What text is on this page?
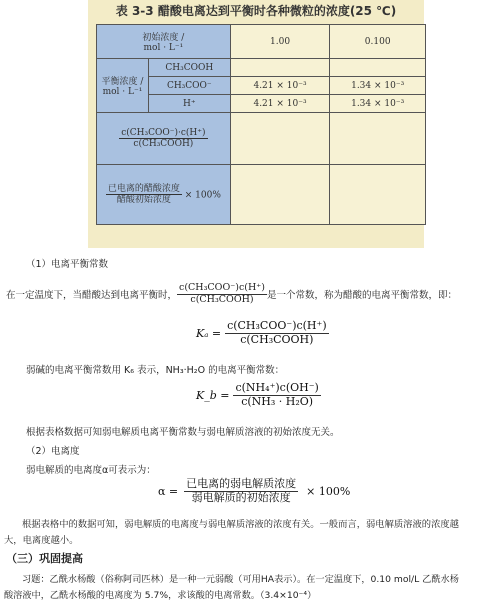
表 3-3 醋酸电离达到平衡时各种微粒的浓度(25 ℃)
初始浓度 /
mol · L⁻¹		1.00	0.100

平衡浓度 /
mol · L⁻¹	CH₃COOH		
	CH₃COO⁻	4.21 × 10⁻³	1.34 × 10⁻³
	H⁺	4.21 × 10⁻³	1.34 × 10⁻³

$\frac{\text{c(CH₃COO⁻)·c(H⁺)}}{\text{c(CH₃COOH)}}$

$\frac{\text{已电离的醋酸浓度}}{\text{醋酸初始浓度}} \times 100\%$			
（1）电离平衡常数
在一定温度下，当醋酸达到电离平衡时， $\frac{\text{c(CH₃COO⁻)c(H⁺)}}{\text{c(CH₃COOH)}}$ 是一个常数，称为醋酸的电离平衡常数，即：
$K_a = \frac{\text{c(CH₃COO⁻)c(H⁺)}}{\text{c(CH₃COOH)}}$
弱碱的电离平衡常数用 K₆ 表示，NH₃·H₂O 的电离平衡常数：
K_b = $\frac{\text{c(NH₄⁺)c(OH⁻)}}{\text{c(NH₃ · H₂O)}}$
根据表格数据可知弱电解质电离平衡常数与弱电解质溶液的初始浓度无关。
（2）电离度
弱电解质的电离度α可表示为：
$\alpha = \frac{\text{已电离的弱电解质浓度}}{\text{弱电解质的初始浓度}} \times 100\%$
根据表格中的数据可知，弱电解质的电离度与弱电解质溶液的浓度有关。一般而言，弱电解质溶液的浓度越
大，电离度越小。
（三）巩固提高
习题：乙酰水杨酸（俗称阿司匹林）是一种一元弱酸（可用HA表示）。在一定温度下，0.10 mol/L 乙酰水杨
酸溶液中，乙酰水杨酸的电离度为 5.7%，求该酸的电离常数。（3.4×10⁻⁴）
